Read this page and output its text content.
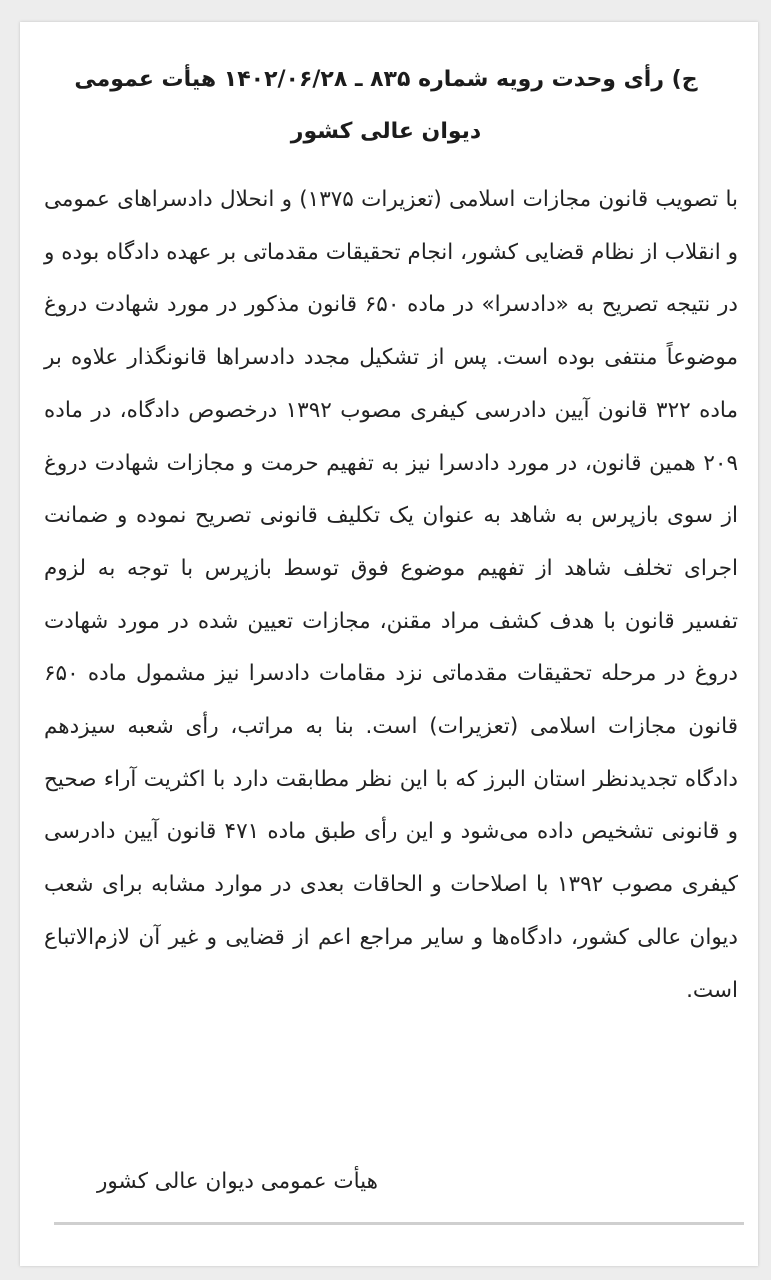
ج) رأی وحدت رویه شماره ۸۳۵ ـ ۱۴۰۲/۰۶/۲۸ هیأت عمومی دیوان عالی کشور

با تصویب قانون مجازات اسلامی (تعزیرات ۱۳۷۵) و انحلال دادسراهای عمومی و انقلاب از نظام قضایی کشور، انجام تحقیقات مقدماتی بر عهده دادگاه بوده و در نتیجه تصریح به «دادسرا» در ماده ۶۵۰ قانون مذکور در مورد شهادت دروغ موضوعاً منتفی بوده است. پس از تشکیل مجدد دادسراها قانونگذار علاوه بر ماده ۳۲۲ قانون آیین دادرسی کیفری مصوب ۱۳۹۲ درخصوص دادگاه، در ماده ۲۰۹ همین قانون، در مورد دادسرا نیز به تفهیم حرمت و مجازات شهادت دروغ از سوی بازپرس به شاهد به عنوان یک تکلیف قانونی تصریح نموده و ضمانت اجرای تخلف شاهد از تفهیم موضوع فوق توسط بازپرس با توجه به لزوم تفسیر قانون با هدف کشف مراد مقنن، مجازات تعیین شده در مورد شهادت دروغ در مرحله تحقیقات مقدماتی نزد مقامات دادسرا نیز مشمول ماده ۶۵۰ قانون مجازات اسلامی (تعزیرات) است. بنا به مراتب، رأی شعبه سیزدهم دادگاه تجدیدنظر استان البرز که با این نظر مطابقت دارد با اکثریت آراء صحیح و قانونی تشخیص داده می‌شود و این رأی طبق ماده ۴۷۱ قانون آیین دادرسی کیفری مصوب ۱۳۹۲ با اصلاحات و الحاقات بعدی در موارد مشابه برای شعب دیوان عالی کشور، دادگاه‌ها و سایر مراجع اعم از قضایی و غیر آن لازم‌الاتباع است.

هیأت عمومی دیوان عالی کشور
